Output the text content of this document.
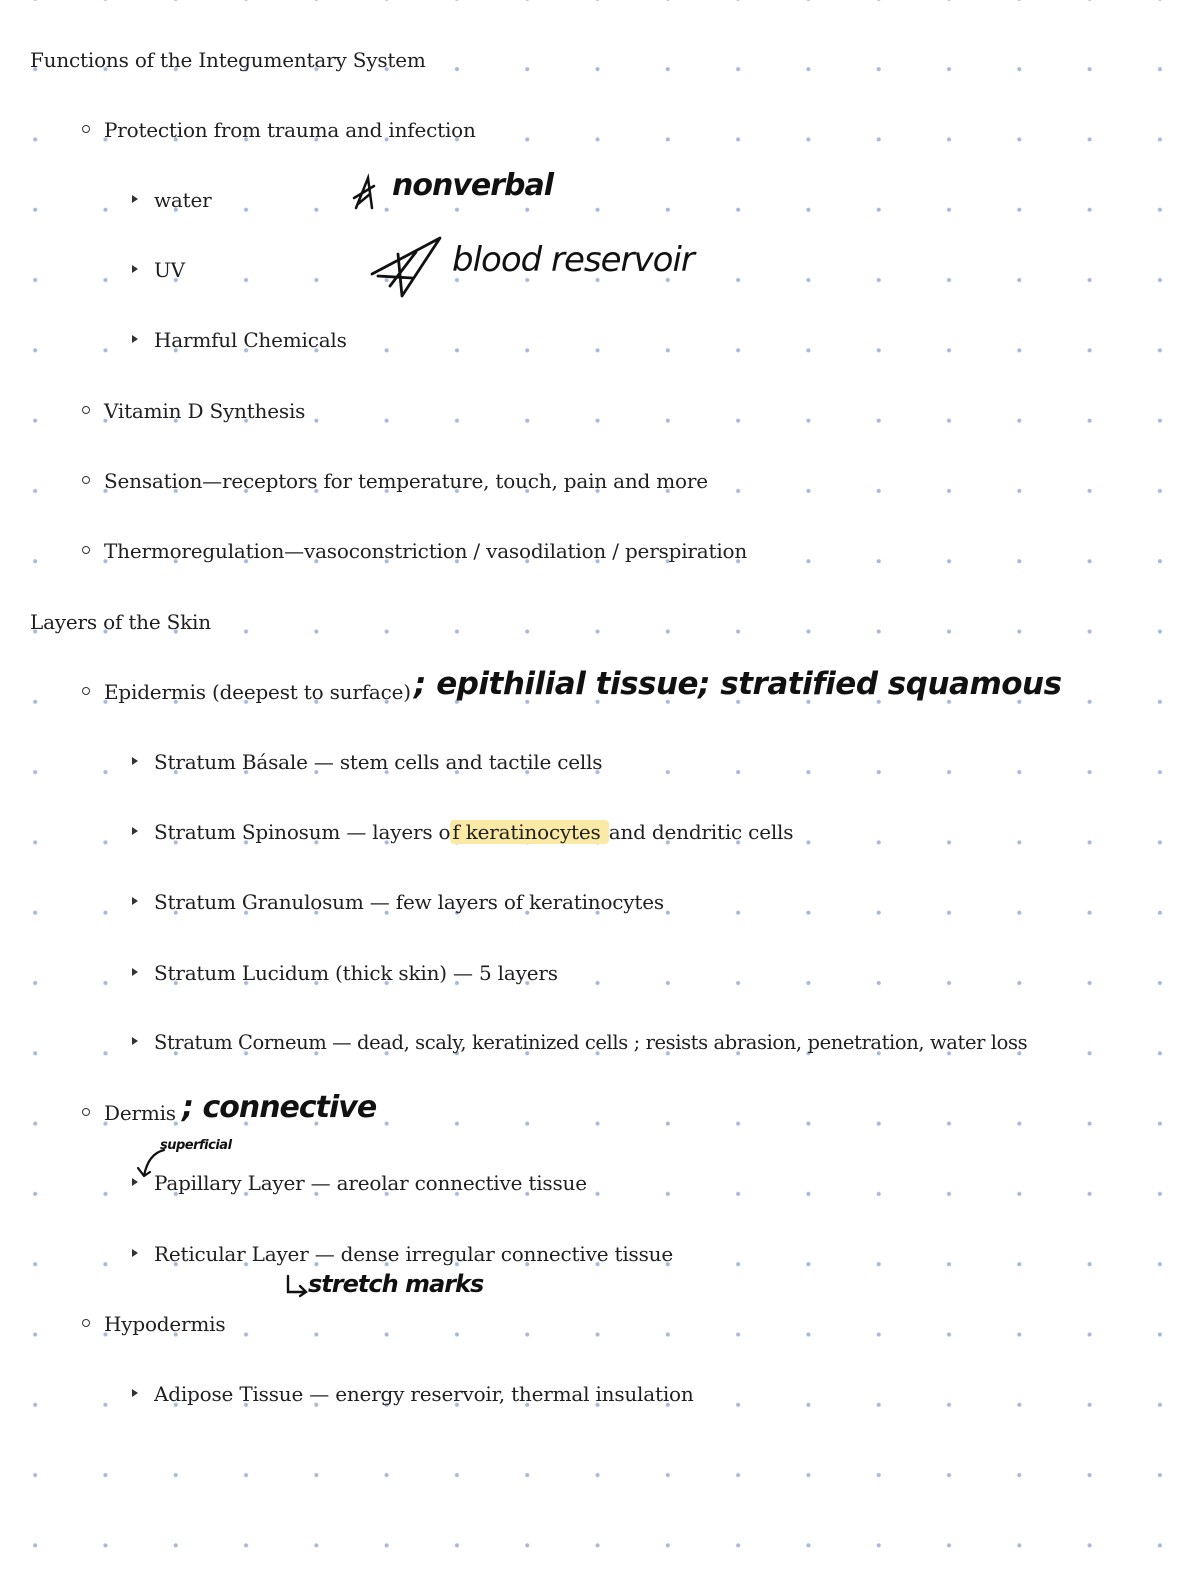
Functions of the Integumentary System
Protection from trauma and infection
water
UV
Harmful Chemicals
Vitamin D Synthesis
Sensation—receptors for temperature, touch, pain and more
Thermoregulation—vasoconstriction / vasodilation / perspiration
Layers of the Skin
Epidermis (deepest to surface)
Stratum Básale — stem cells and tactile cells
Stratum Spinosum — layers o f keratinocytes and dendritic cells
Stratum Granulosum — few layers of keratinocytes
Stratum Lucidum (thick skin) — 5 layers
Stratum Corneum — dead, scaly, keratinized cells ; resists abrasion, penetration, water loss
Dermis
Papillary Layer — areolar connective tissue
Reticular Layer — dense irregular connective tissue
Hypodermis
Adipose Tissue — energy reservoir, thermal insulation
nonverbal
blood reservoir
; epithilial tissue; stratified squamous
; connective
superficial
stretch marks
